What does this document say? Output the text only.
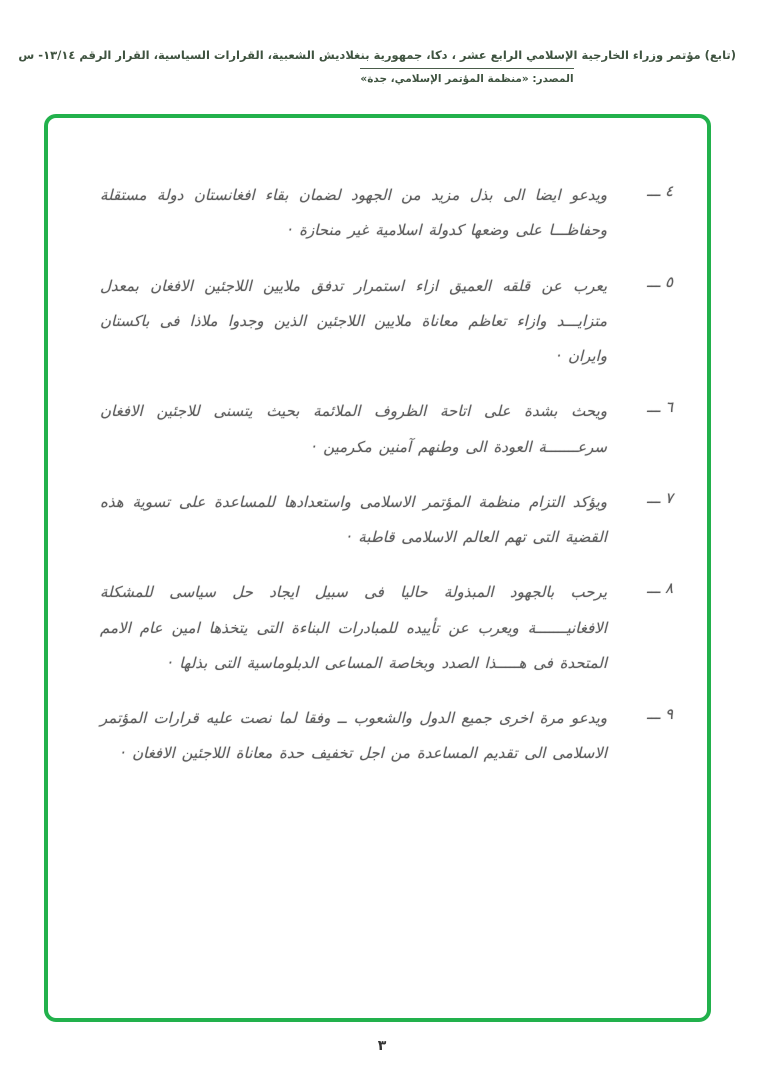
(تابع) مؤتمر وزراء الخارجية الإسلامي الرابع عشر ، دكا، جمهورية بنغلاديش الشعبية، القرارات السياسية، القرار الرقم ١٣/١٤- س
المصدر: «منظمة المؤتمر الإسلامي، جدة»
٤ ـــ

ويدعو ايضا الى بذل مزيد من الجهود لضمان بقاء افغانستان دولة مستقلة وحفاظـــا على وضعها كدولة اسلامية غير منحازة ·

٥ ـــ

يعرب عن قلقه العميق ازاء استمرار تدفق ملايين اللاجئين الافغان بمعدل متزايـــد وازاء تعاظم معاناة ملايين اللاجئين الذين وجدوا ملاذا فى باكستان وايران ·

٦ ـــ

ويحث بشدة على اتاحة الظروف الملائمة بحيث يتسنى للاجئين الافغان سرعـــــــة العودة الى وطنهم آمنين مكرمين ·

٧ ـــ

ويؤكد التزام منظمة المؤتمر الاسلامى واستعدادها للمساعدة على تسوية هذه القضية التى تهم العالم الاسلامى قاطبة ·

٨ ـــ

يرحب بالجهود المبذولة حاليا فى سبيل ايجاد حل سياسى للمشكلة الافغانيـــــــة ويعرب عن تأييده للمبادرات البناءة التى يتخذها امين عام الامم المتحدة فى هـــــذا الصدد وبخاصة المساعى الدبلوماسية التى بذلها ·

٩ ـــ

ويدعو مرة اخرى جميع الدول والشعوب ــ وفقا لما نصت عليه قرارات المؤتمر الاسلامى الى تقديم المساعدة من اجل تخفيف حدة معاناة اللاجئين الافغان ·

٣
